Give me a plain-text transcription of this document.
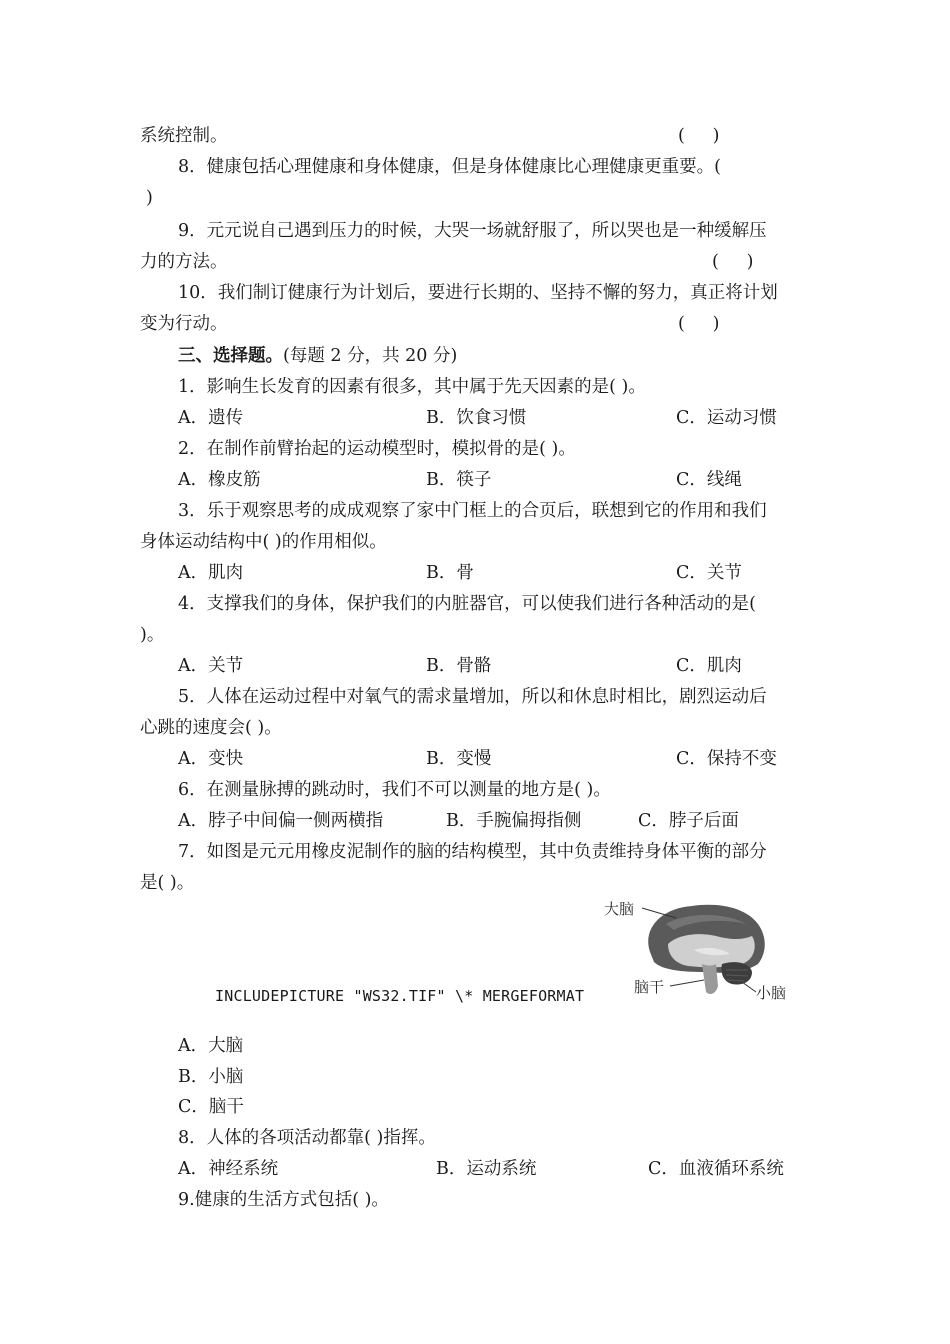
系统控制。	(     )
8．健康包括心理健康和身体健康，但是身体健康比心理健康更重要。(
)
9．元元说自己遇到压力的时候，大哭一场就舒服了，所以哭也是一种缓解压
力的方法。	(     )
10．我们制订健康行为计划后，要进行长期的、坚持不懈的努力，真正将计划
变为行动。	(     )
三、选择题。(每题 2 分，共 20 分)
1．影响生长发育的因素有很多，其中属于先天因素的是( )。
A．遗传	B．饮食习惯	C．运动习惯
2．在制作前臂抬起的运动模型时，模拟骨的是( )。
A．橡皮筋	B．筷子	C．线绳
3．乐于观察思考的成成观察了家中门框上的合页后，联想到它的作用和我们
身体运动结构中( )的作用相似。
A．肌肉	B．骨	C．关节
4．支撑我们的身体，保护我们的内脏器官，可以使我们进行各种活动的是(
)。
A．关节	B．骨骼	C．肌肉
5．人体在运动过程中对氧气的需求量增加，所以和休息时相比，剧烈运动后
心跳的速度会( )。
A．变快	B．变慢	C．保持不变
6．在测量脉搏的跳动时，我们不可以测量的地方是( )。
A．脖子中间偏一侧两横指	B．手腕偏拇指侧	C．脖子后面
7．如图是元元用橡皮泥制作的脑的结构模型，其中负责维持身体平衡的部分
是( )。
INCLUDEPICTURE "WS32.TIF" \* MERGEFORMAT
大脑
脑干	小脑
A．大脑
B．小脑
C．脑干
8．人体的各项活动都靠( )指挥。
A．神经系统	B．运动系统	C．血液循环系统
9.健康的生活方式包括( )。
